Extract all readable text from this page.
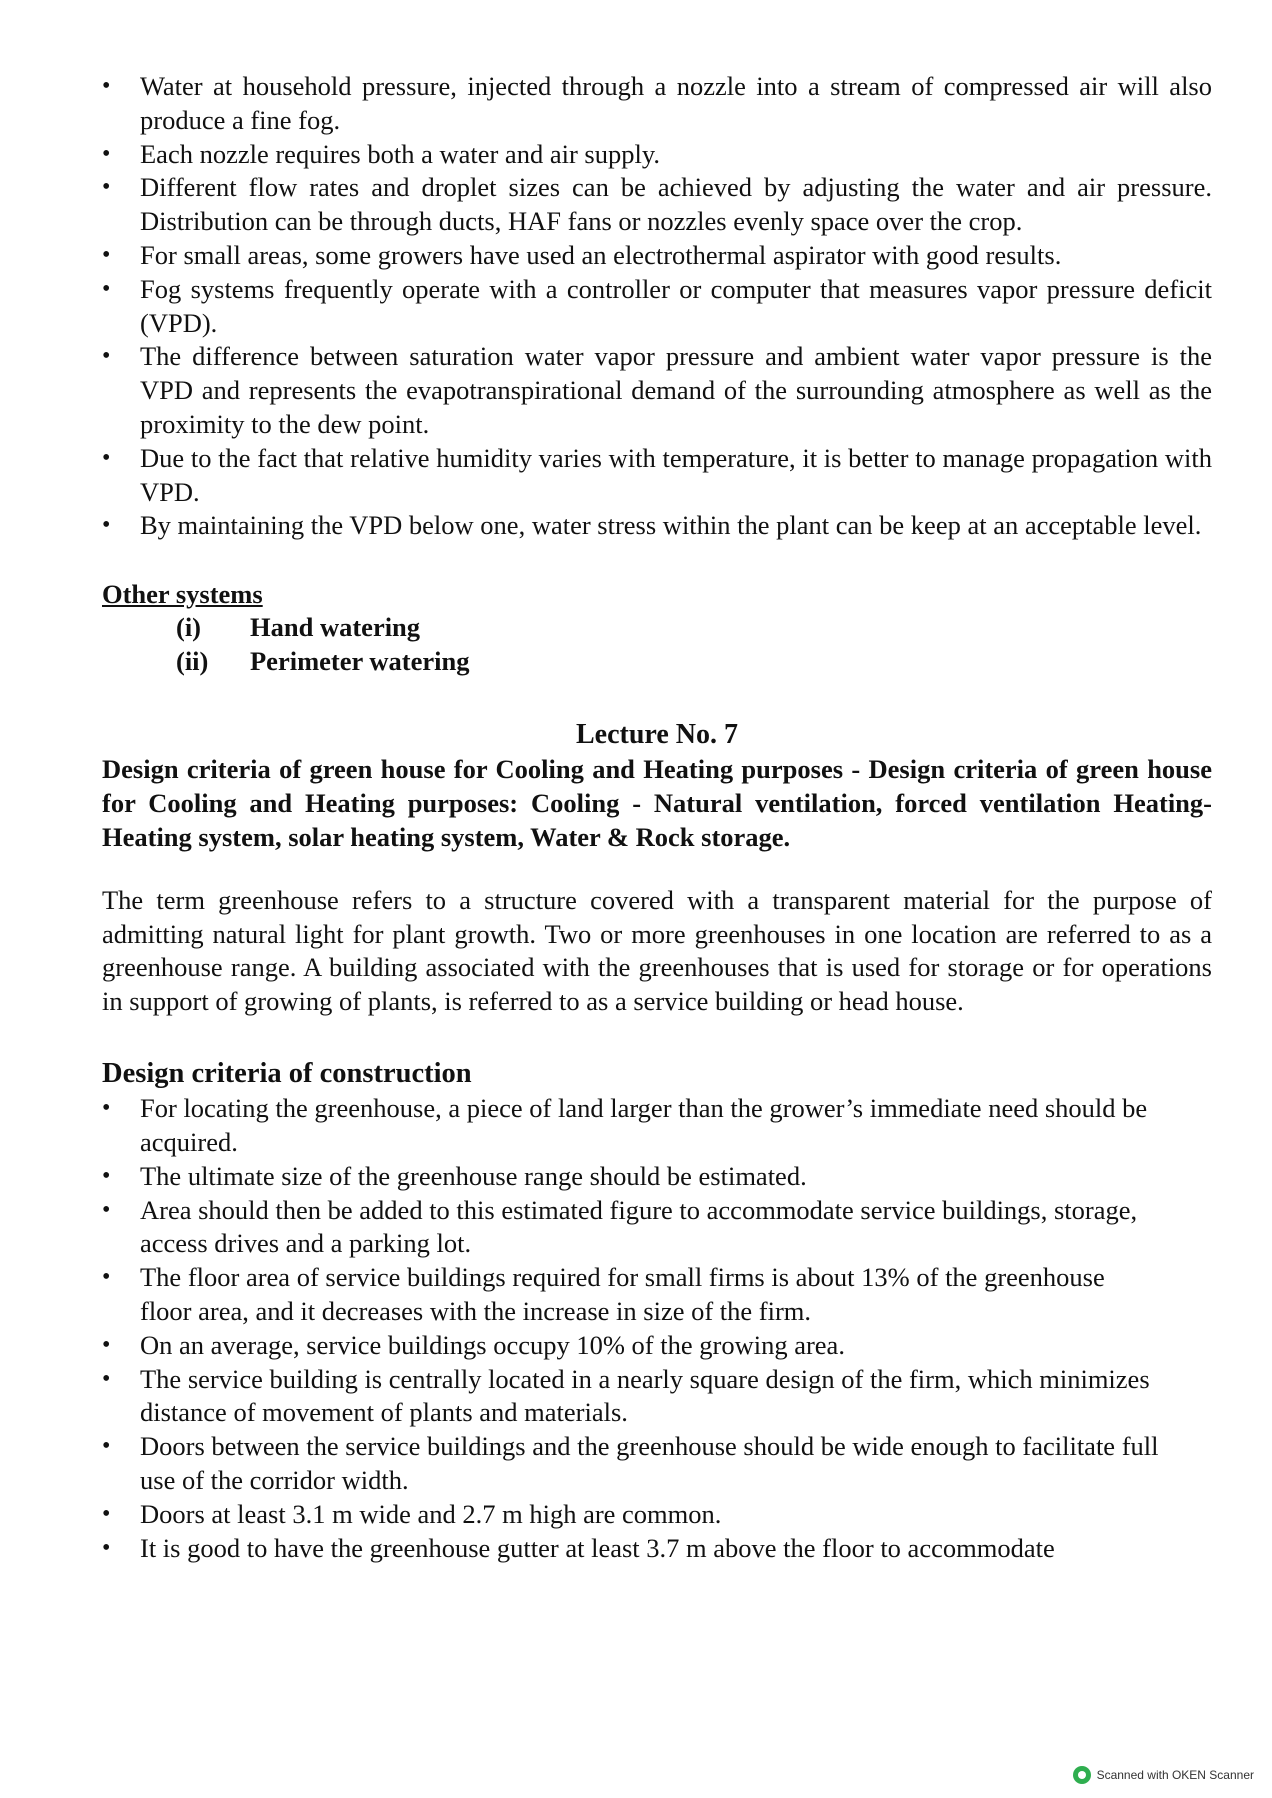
• Water at household pressure, injected through a nozzle into a stream of compressed air will also produce a fine fog.
• Each nozzle requires both a water and air supply.
• Different flow rates and droplet sizes can be achieved by adjusting the water and air pressure. Distribution can be through ducts, HAF fans or nozzles evenly space over the crop.
• For small areas, some growers have used an electrothermal aspirator with good results.
• Fog systems frequently operate with a controller or computer that measures vapor pressure deficit (VPD).
• The difference between saturation water vapor pressure and ambient water vapor pressure is the VPD and represents the evapotranspirational demand of the surrounding atmosphere as well as the proximity to the dew point.
• Due to the fact that relative humidity varies with temperature, it is better to manage propagation with VPD.
• By maintaining the VPD below one, water stress within the plant can be keep at an acceptable level.
Other systems
(i) Hand watering
(ii) Perimeter watering
Lecture No. 7
Design criteria of green house for Cooling and Heating purposes - Design criteria of green house for Cooling and Heating purposes: Cooling - Natural ventilation, forced ventilation Heating- Heating system, solar heating system, Water & Rock storage.
The term greenhouse refers to a structure covered with a transparent material for the purpose of admitting natural light for plant growth. Two or more greenhouses in one location are referred to as a greenhouse range. A building associated with the greenhouses that is used for storage or for operations in support of growing of plants, is referred to as a service building or head house.
Design criteria of construction
• For locating the greenhouse, a piece of land larger than the grower’s immediate need should be acquired.
• The ultimate size of the greenhouse range should be estimated.
• Area should then be added to this estimated figure to accommodate service buildings, storage, access drives and a parking lot.
• The floor area of service buildings required for small firms is about 13% of the greenhouse floor area, and it decreases with the increase in size of the firm.
• On an average, service buildings occupy 10% of the growing area.
• The service building is centrally located in a nearly square design of the firm, which minimizes distance of movement of plants and materials.
• Doors between the service buildings and the greenhouse should be wide enough to facilitate full use of the corridor width.
• Doors at least 3.1 m wide and 2.7 m high are common.
• It is good to have the greenhouse gutter at least 3.7 m above the floor to accommodate
Scanned with OKEN Scanner
